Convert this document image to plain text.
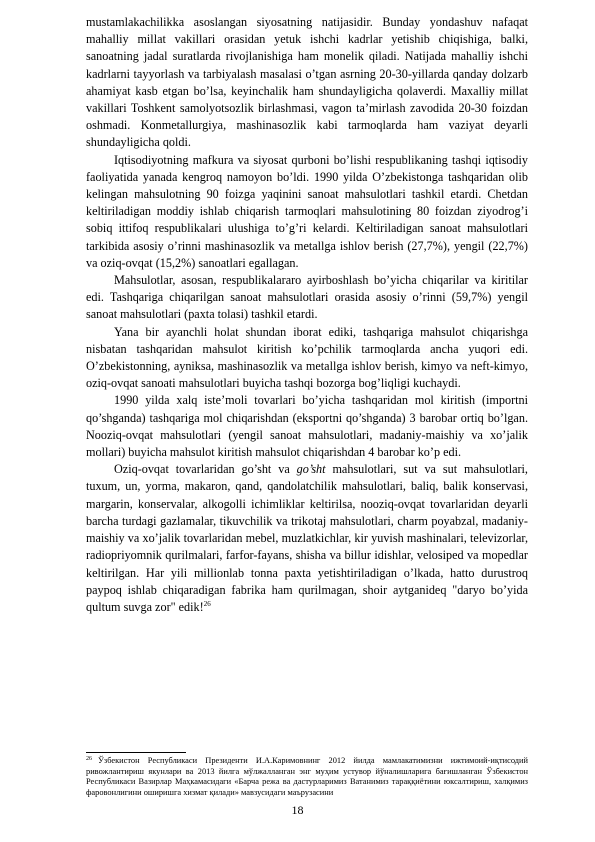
mustamlakachilikka asoslangan siyosatning natijasidir. Bunday yondashuv nafaqat mahalliy millat vakillari orasidan yetuk ishchi kadrlar yetishib chiqishiga, balki, sanoatning jadal suratlarda rivojlanishiga ham monelik qiladi. Natijada mahalliy ishchi kadrlarni tayyorlash va tarbiyalash masalasi o’tgan asrning 20-30-yillarda qanday dolzarb ahamiyat kasb etgan bo’lsa, keyinchalik ham shundayligicha qolaverdi. Maxalliy millat vakillari Toshkent samolyotsozlik birlashmasi, vagon ta’mirlash zavodida 20-30 foizdan oshmadi. Konmetallurgiya, mashinasozlik kabi tarmoqlarda ham vaziyat deyarli shundayligicha qoldi.

Iqtisodiyotning mafkura va siyosat qurboni bo’lishi respublikaning tashqi iqtisodiy faoliyatida yanada kengroq namoyon bo’ldi. 1990 yilda O’zbekistonga tashqaridan olib kelingan mahsulotning 90 foizga yaqinini sanoat mahsulotlari tashkil etardi. Chetdan keltiriladigan moddiy ishlab chiqarish tarmoqlari mahsulotining 80 foizdan ziyodrog’i sobiq ittifoq respublikalari ulushiga to’g’ri kelardi. Keltiriladigan sanoat mahsulotlari tarkibida asosiy o’rinni mashinasozlik va metallga ishlov berish (27,7%), yengil (22,7%) va oziq-ovqat (15,2%) sanoatlari egallagan.

Mahsulotlar, asosan, respublikalararo ayirboshlash bo’yicha chiqarilar va kiritilar edi. Tashqariga chiqarilgan sanoat mahsulotlari orasida asosiy o’rinni (59,7%) yengil sanoat mahsulotlari (paxta tolasi) tashkil etardi.

Yana bir ayanchli holat shundan iborat ediki, tashqariga mahsulot chiqarishga nisbatan tashqaridan mahsulot kiritish ko’pchilik tarmoqlarda ancha yuqori edi. O’zbekistonning, ayniksa, mashinasozlik va metallga ishlov berish, kimyo va neft-kimyo, oziq-ovqat sanoati mahsulotlari buyicha tashqi bozorga bog’liqligi kuchaydi.

1990 yilda xalq iste’moli tovarlari bo’yicha tashqaridan mol kiritish (importni qo’shganda) tashqariga mol chiqarishdan (eksportni qo’shganda) 3 barobar ortiq bo’lgan. Nooziq-ovqat mahsulotlari (yengil sanoat mahsulotlari, madaniy-maishiy va xo’jalik mollari) buyicha mahsulot kiritish mahsulot chiqarishdan 4 barobar ko’p edi.

Oziq-ovqat tovarlaridan go’sht va go’sht mahsulotlari, sut va sut mahsulotlari, tuxum, un, yorma, makaron, qand, qandolatchilik mahsulotlari, baliq, balik konservasi, margarin, konservalar, alkogolli ichimliklar keltirilsa, nooziq-ovqat tovarlaridan deyarli barcha turdagi gazlamalar, tikuvchilik va trikotaj mahsulotlari, charm poyabzal, madaniy-maishiy va xo’jalik tovarlaridan mebel, muzlatkichlar, kir yuvish mashinalari, televizorlar, radiopriyomnik qurilmalari, farfor-fayans, shisha va billur idishlar, velosiped va mopedlar keltirilgan. Har yili millionlab tonna paxta yetishtiriladigan o’lkada, hatto durustroq paypoq ishlab chiqaradigan fabrika ham qurilmagan, shoir aytganideq "daryo bo’yida qultum suvga zor" edik!$^{26}$

$^{26}$ Ўзбекистон Республикаси Президенти И.А.Каримовнинг 2012 йилда мамлакатимизни ижтимоий-иқтисодий ривожлантириш якунлари ва 2013 йилга мўлжалланган энг муҳим устувор йўналишларига бағишланган Ўзбекистон Республикаси Вазирлар Маҳкамасидаги «Барча режа ва дастурларимиз Ватанимиз тараққиётини юксалтириш, халқимиз фаровонлигини оширишга хизмат қилади» мавзусидаги маърузасини
18
